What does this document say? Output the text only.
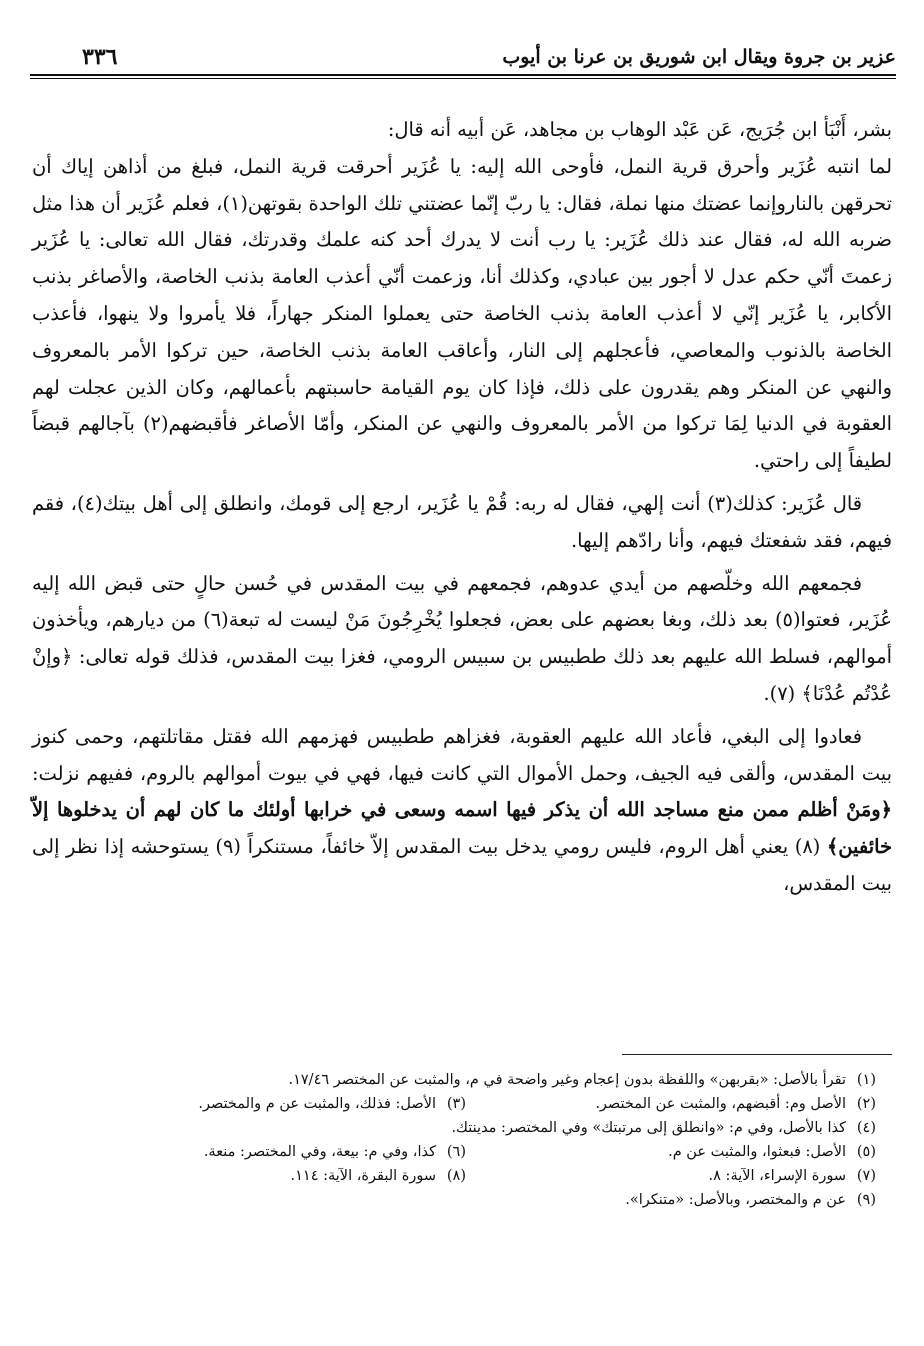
عزير بن جروة ويقال ابن شوريق بن عرنا بن أيوب
٣٣٦

بشر، أَنْبَأ ابن جُرَيج، عَن عَبْد الوهاب بن مجاهد، عَن أبيه أنه قال:

لما انتبه عُزَير وأحرق قرية النمل، فأوحى الله إليه: يا عُزَير أحرقت قرية النمل، فبلغ من أذاهن إياك أن تحرقهن بالناروإنما عضتك منها نملة، فقال: يا ربّ إنّما عضتني تلك الواحدة بقوتهن(١)، فعلم عُزَير أن هذا مثل ضربه الله له، فقال عند ذلك عُزَير: يا رب أنت لا يدرك أحد كنه علمك وقدرتك، فقال الله تعالى: يا عُزَير زعمتَ أنّي حكم عدل لا أجور بين عبادي، وكذلك أنا، وزعمت أنّي أعذب العامة بذنب الخاصة، والأصاغر بذنب الأكابر، يا عُزَير إنّي لا أعذب العامة بذنب الخاصة حتى يعملوا المنكر جهاراً، فلا يأمروا ولا ينهوا، فأعذب الخاصة بالذنوب والمعاصي، فأعجلهم إلى النار، وأعاقب العامة بذنب الخاصة، حين تركوا الأمر بالمعروف والنهي عن المنكر وهم يقدرون على ذلك، فإذا كان يوم القيامة حاسبتهم بأعمالهم، وكان الذين عجلت لهم العقوبة في الدنيا لِمَا تركوا من الأمر بالمعروف والنهي عن المنكر، وأمّا الأصاغر فأقبضهم(٢) بآجالهم قبضاً لطيفاً إلى راحتي.

قال عُزَير: كذلك(٣) أنت إلهي، فقال له ربه: قُمْ يا عُزَير، ارجع إلى قومك، وانطلق إلى أهل بيتك(٤)، فقم فيهم، فقد شفعتك فيهم، وأنا رادّهم إليها.

فجمعهم الله وخلّصهم من أيدي عدوهم، فجمعهم في بيت المقدس في حُسن حالٍ حتى قبض الله إليه عُزَير، فعتوا(٥) بعد ذلك، وبغا بعضهم على بعض، فجعلوا يُخْرِجُونَ مَنْ ليست له تبعة(٦) من ديارهم، ويأخذون أموالهم، فسلط الله عليهم بعد ذلك ططبيس بن سبيس الرومي، فغزا بيت المقدس، فذلك قوله تعالى: ﴿وإنْ عُدْتُم عُدْنَا﴾ (٧).

فعادوا إلى البغي، فأعاد الله عليهم العقوبة، فغزاهم ططبيس فهزمهم الله فقتل مقاتلتهم، وحمى كنوز بيت المقدس، وألقى فيه الجيف، وحمل الأموال التي كانت فيها، فهي في بيوت أموالهم بالروم، ففيهم نزلت: ﴿ومَنْ أظلم ممن منع مساجد الله أن يذكر فيها اسمه وسعى في خرابها أولئك ما كان لهم أن يدخلوها إلاّ خائفين﴾ (٨) يعني أهل الروم، فليس رومي يدخل بيت المقدس إلاّ خائفاً، مستنكراً (٩) يستوحشه إذا نظر إلى بيت المقدس،

(١)تقرأ بالأصل: «بقربهن» واللفظة بدون إعجام وغير واضحة في م، والمثبت عن المختصر ١٧/٤٦.
(٢)الأصل وم: أقبضهم، والمثبت عن المختصر.
(٣)الأصل: فذلك، والمثبت عن م والمختصر.
(٤)كذا بالأصل، وفي م: «وانطلق إلى مرتبتك» وفي المختصر: مدينتك.
(٥)الأصل: فبعثوا، والمثبت عن م.
(٦)كذا، وفي م: بيعة، وفي المختصر: منعة.
(٧)سورة الإسراء، الآية: ٨.
(٨)سورة البقرة، الآية: ١١٤.
(٩)عن م والمختصر، وبالأصل: «متنكرا».
